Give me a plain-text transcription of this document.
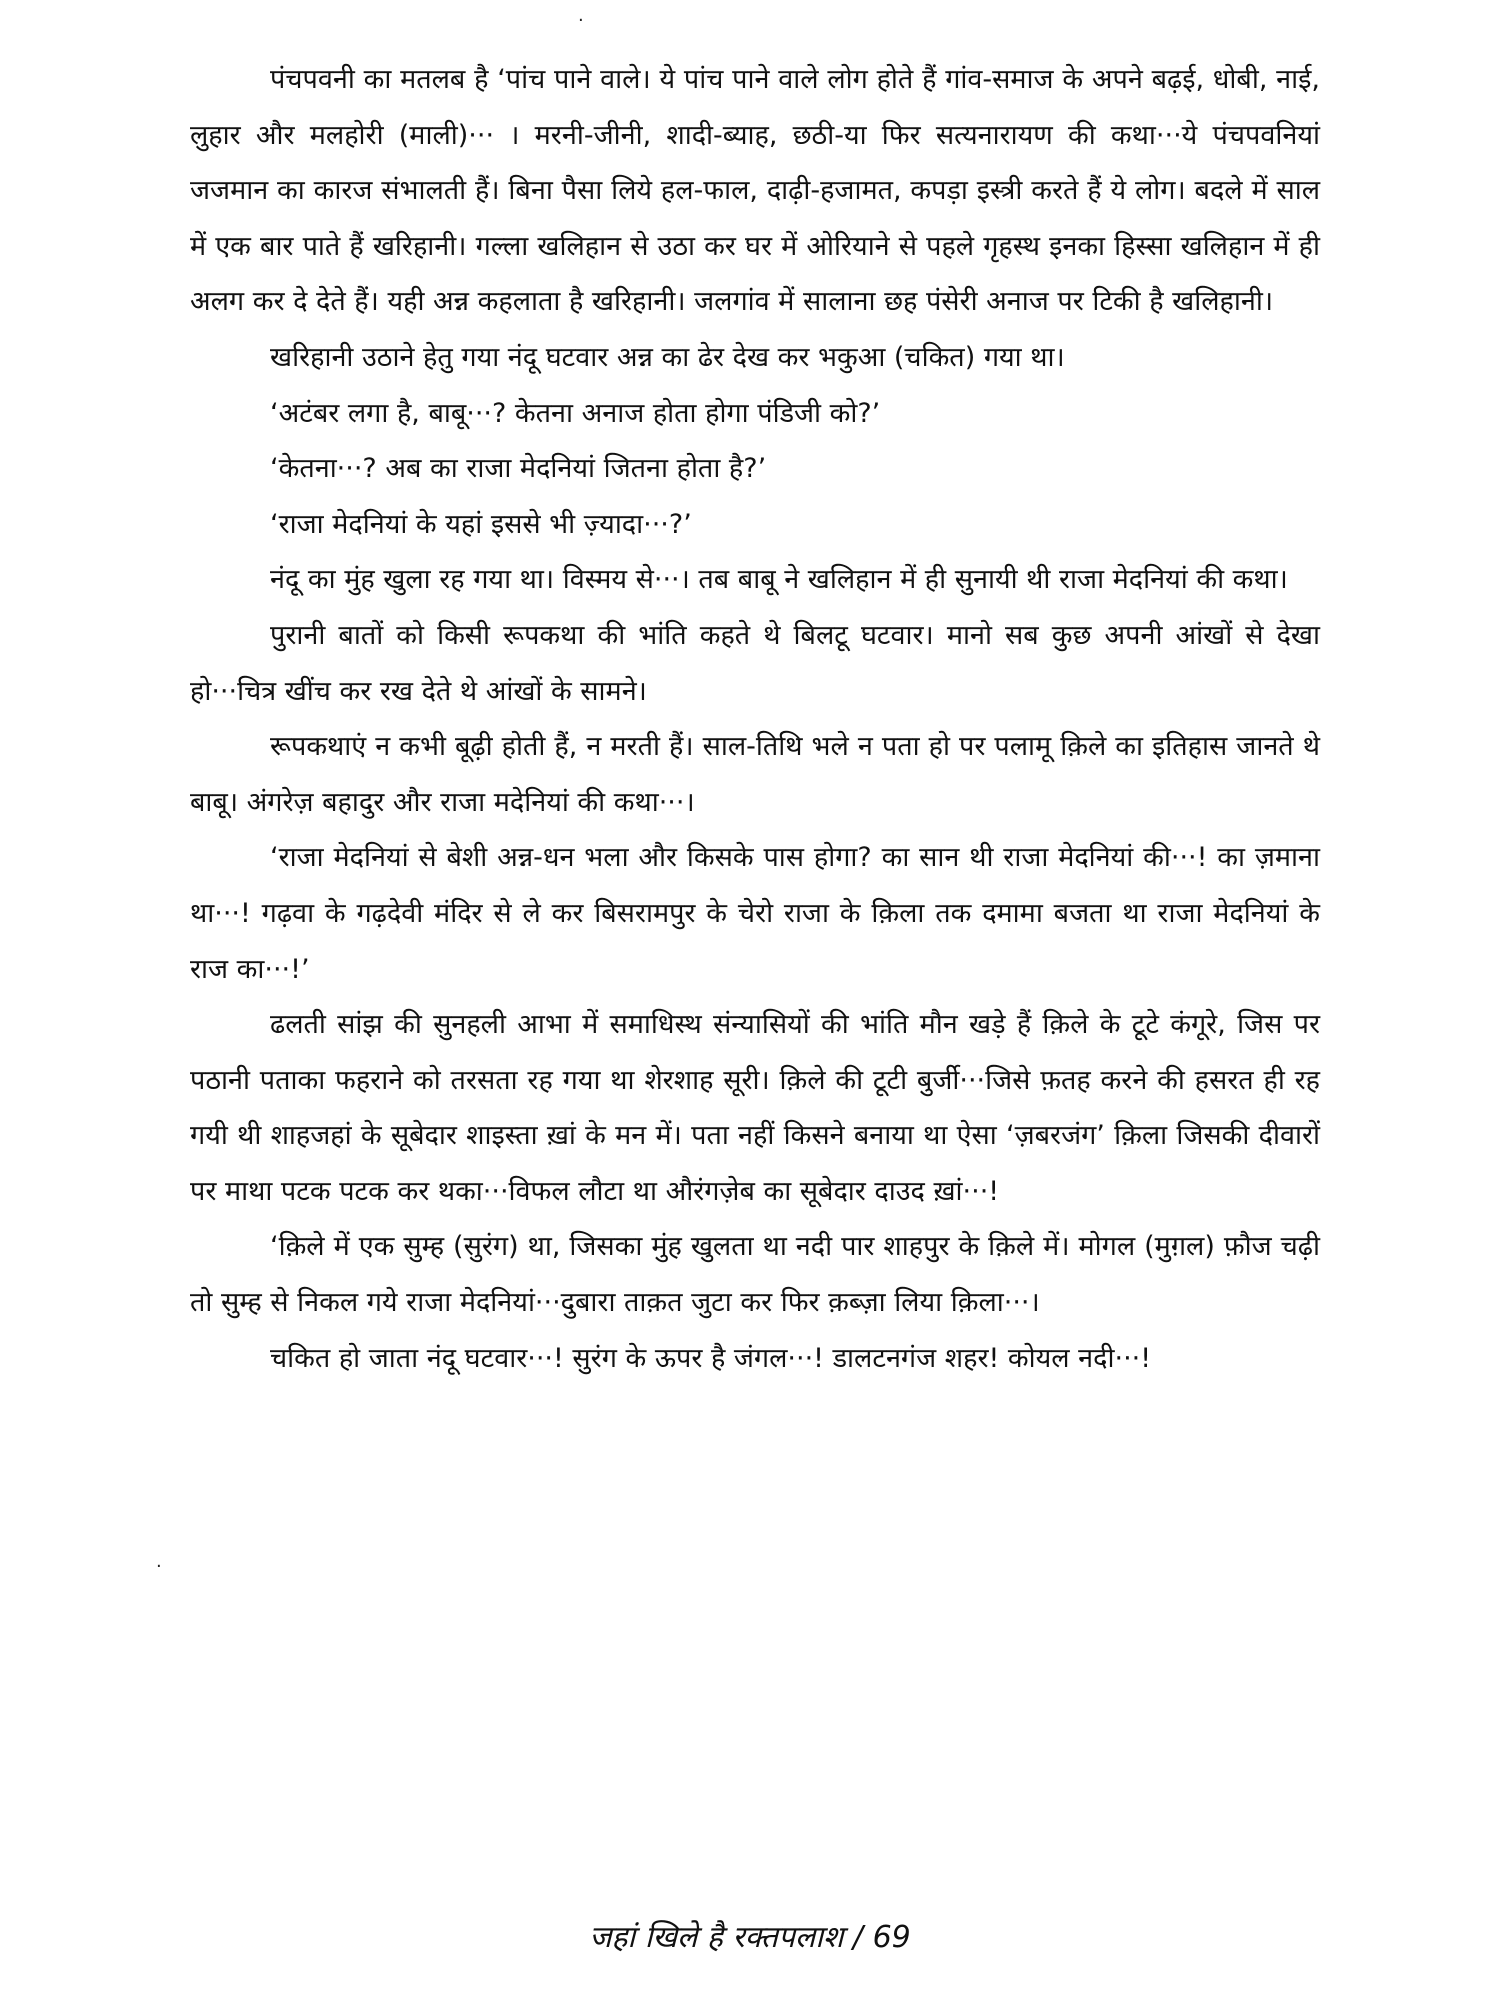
·
·

पंचपवनी का मतलब है ‘पांच पाने वाले। ये पांच पाने वाले लोग होते हैं गांव-समाज के अपने बढ़ई, धोबी, नाई, लुहार और मलहोरी (माली)··· । मरनी-जीनी, शादी-ब्याह, छठी-या फिर सत्यनारायण की कथा···ये पंचपवनियां जजमान का कारज संभालती हैं। बिना पैसा लिये हल-फाल, दाढ़ी-हजामत, कपड़ा इस्त्री करते हैं ये लोग। बदले में साल में एक बार पाते हैं खरिहानी। गल्ला खलिहान से उठा कर घर में ओरियाने से पहले गृहस्थ इनका हिस्सा खलिहान में ही अलग कर दे देते हैं। यही अन्न कहलाता है खरिहानी। जलगांव में सालाना छह पंसेरी अनाज पर टिकी है खलिहानी।

खरिहानी उठाने हेतु गया नंदू घटवार अन्न का ढेर देख कर भकुआ (चकित) गया था।

‘अटंबर लगा है, बाबू···? केतना अनाज होता होगा पंडिजी को?’

‘केतना···? अब का राजा मेदनियां जितना होता है?’

‘राजा मेदनियां के यहां इससे भी ज़्यादा···?’

नंदू का मुंह खुला रह गया था। विस्मय से···। तब बाबू ने खलिहान में ही सुनायी थी राजा मेदनियां की कथा।

पुरानी बातों को किसी रूपकथा की भांति कहते थे बिलटू घटवार। मानो सब कुछ अपनी आंखों से देखा हो···चित्र खींच कर रख देते थे आंखों के सामने।

रूपकथाएं न कभी बूढ़ी होती हैं, न मरती हैं। साल-तिथि भले न पता हो पर पलामू क़िले का इतिहास जानते थे बाबू। अंगरेज़ बहादुर और राजा मदेनियां की कथा···।

‘राजा मेदनियां से बेशी अन्न-धन भला और किसके पास होगा? का सान थी राजा मेदनियां की···! का ज़माना था···! गढ़वा के गढ़देवी मंदिर से ले कर बिसरामपुर के चेरो राजा के क़िला तक दमामा बजता था राजा मेदनियां के राज का···!’

ढलती सांझ की सुनहली आभा में समाधिस्थ संन्यासियों की भांति मौन खड़े हैं क़िले के टूटे कंगूरे, जिस पर पठानी पताका फहराने को तरसता रह गया था शेरशाह सूरी। क़िले की टूटी बुर्जी···जिसे फ़तह करने की हसरत ही रह गयी थी शाहजहां के सूबेदार शाइस्ता ख़ां के मन में। पता नहीं किसने बनाया था ऐसा ‘ज़बरजंग’ क़िला जिसकी दीवारों पर माथा पटक पटक कर थका···विफल लौटा था औरंगज़ेब का सूबेदार दाउद ख़ां···!

‘क़िले में एक सुम्ह (सुरंग) था, जिसका मुंह खुलता था नदी पार शाहपुर के क़िले में। मोगल (मुग़ल) फ़ौज चढ़ी तो सुम्ह से निकल गये राजा मेदनियां···दुबारा ताक़त जुटा कर फिर क़ब्ज़ा लिया क़िला···।

चकित हो जाता नंदू घटवार···! सुरंग के ऊपर है जंगल···! डालटनगंज शहर! कोयल नदी···!

जहां खिले है रक्तपलाश / 69
